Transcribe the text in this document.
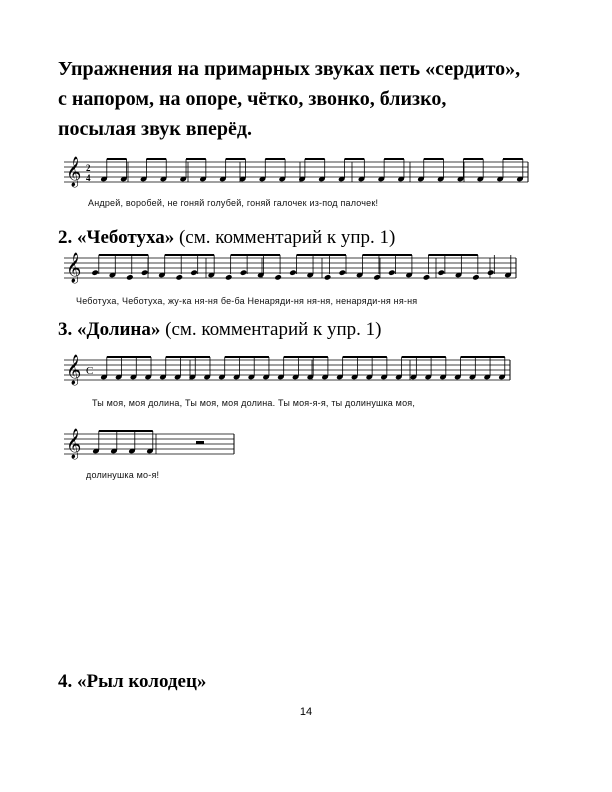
Упражнения на примарных звуках петь «сердито», с напором, на опоре, чётко, звонко, близко, посылая звук вперёд.
𝄞 2
4
𝄞
𝄞 C
𝄞
Андрей, воробей, не гоняй голубей, гоняй галочек из-под палочек!
2. «Чеботуха» (см. комментарий к упр. 1)
Чеботуха, Чеботуха, жу-ка ня-ня бе-ба Ненаряди-ня ня-ня, ненаряди-ня ня-ня
3. «Долина» (см. комментарий к упр. 1)
Ты моя, моя долина, Ты моя, моя долина. Ты моя-я-я, ты долинушка моя,
долинушка мо-я!
4. «Рыл колодец»
14
